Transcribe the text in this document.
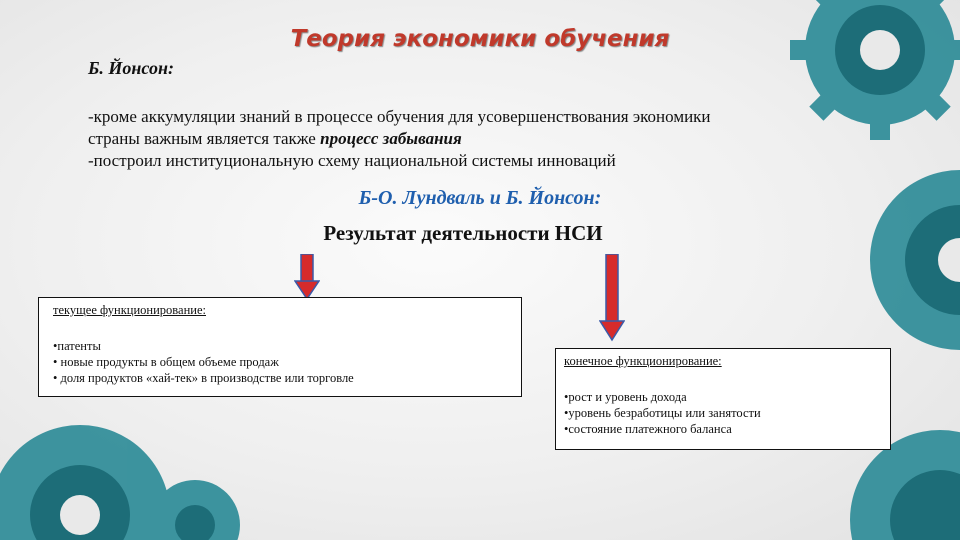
Теория экономики обучения
Б. Йонсон:

-кроме аккумуляции знаний в процессе обучения для усовершенствования экономики

страны важным является также процесс забывания

-построил институциональную схему национальной системы инноваций

Б-О. Лундваль и Б. Йонсон:
Результат деятельности НСИ
текущее функционирование:
•патенты
• новые продукты в общем объеме продаж
• доля продуктов «хай-тек» в производстве или торговле
конечное функционирование:
•рост и уровень дохода
•уровень безработицы или занятости
•состояние платежного баланса
